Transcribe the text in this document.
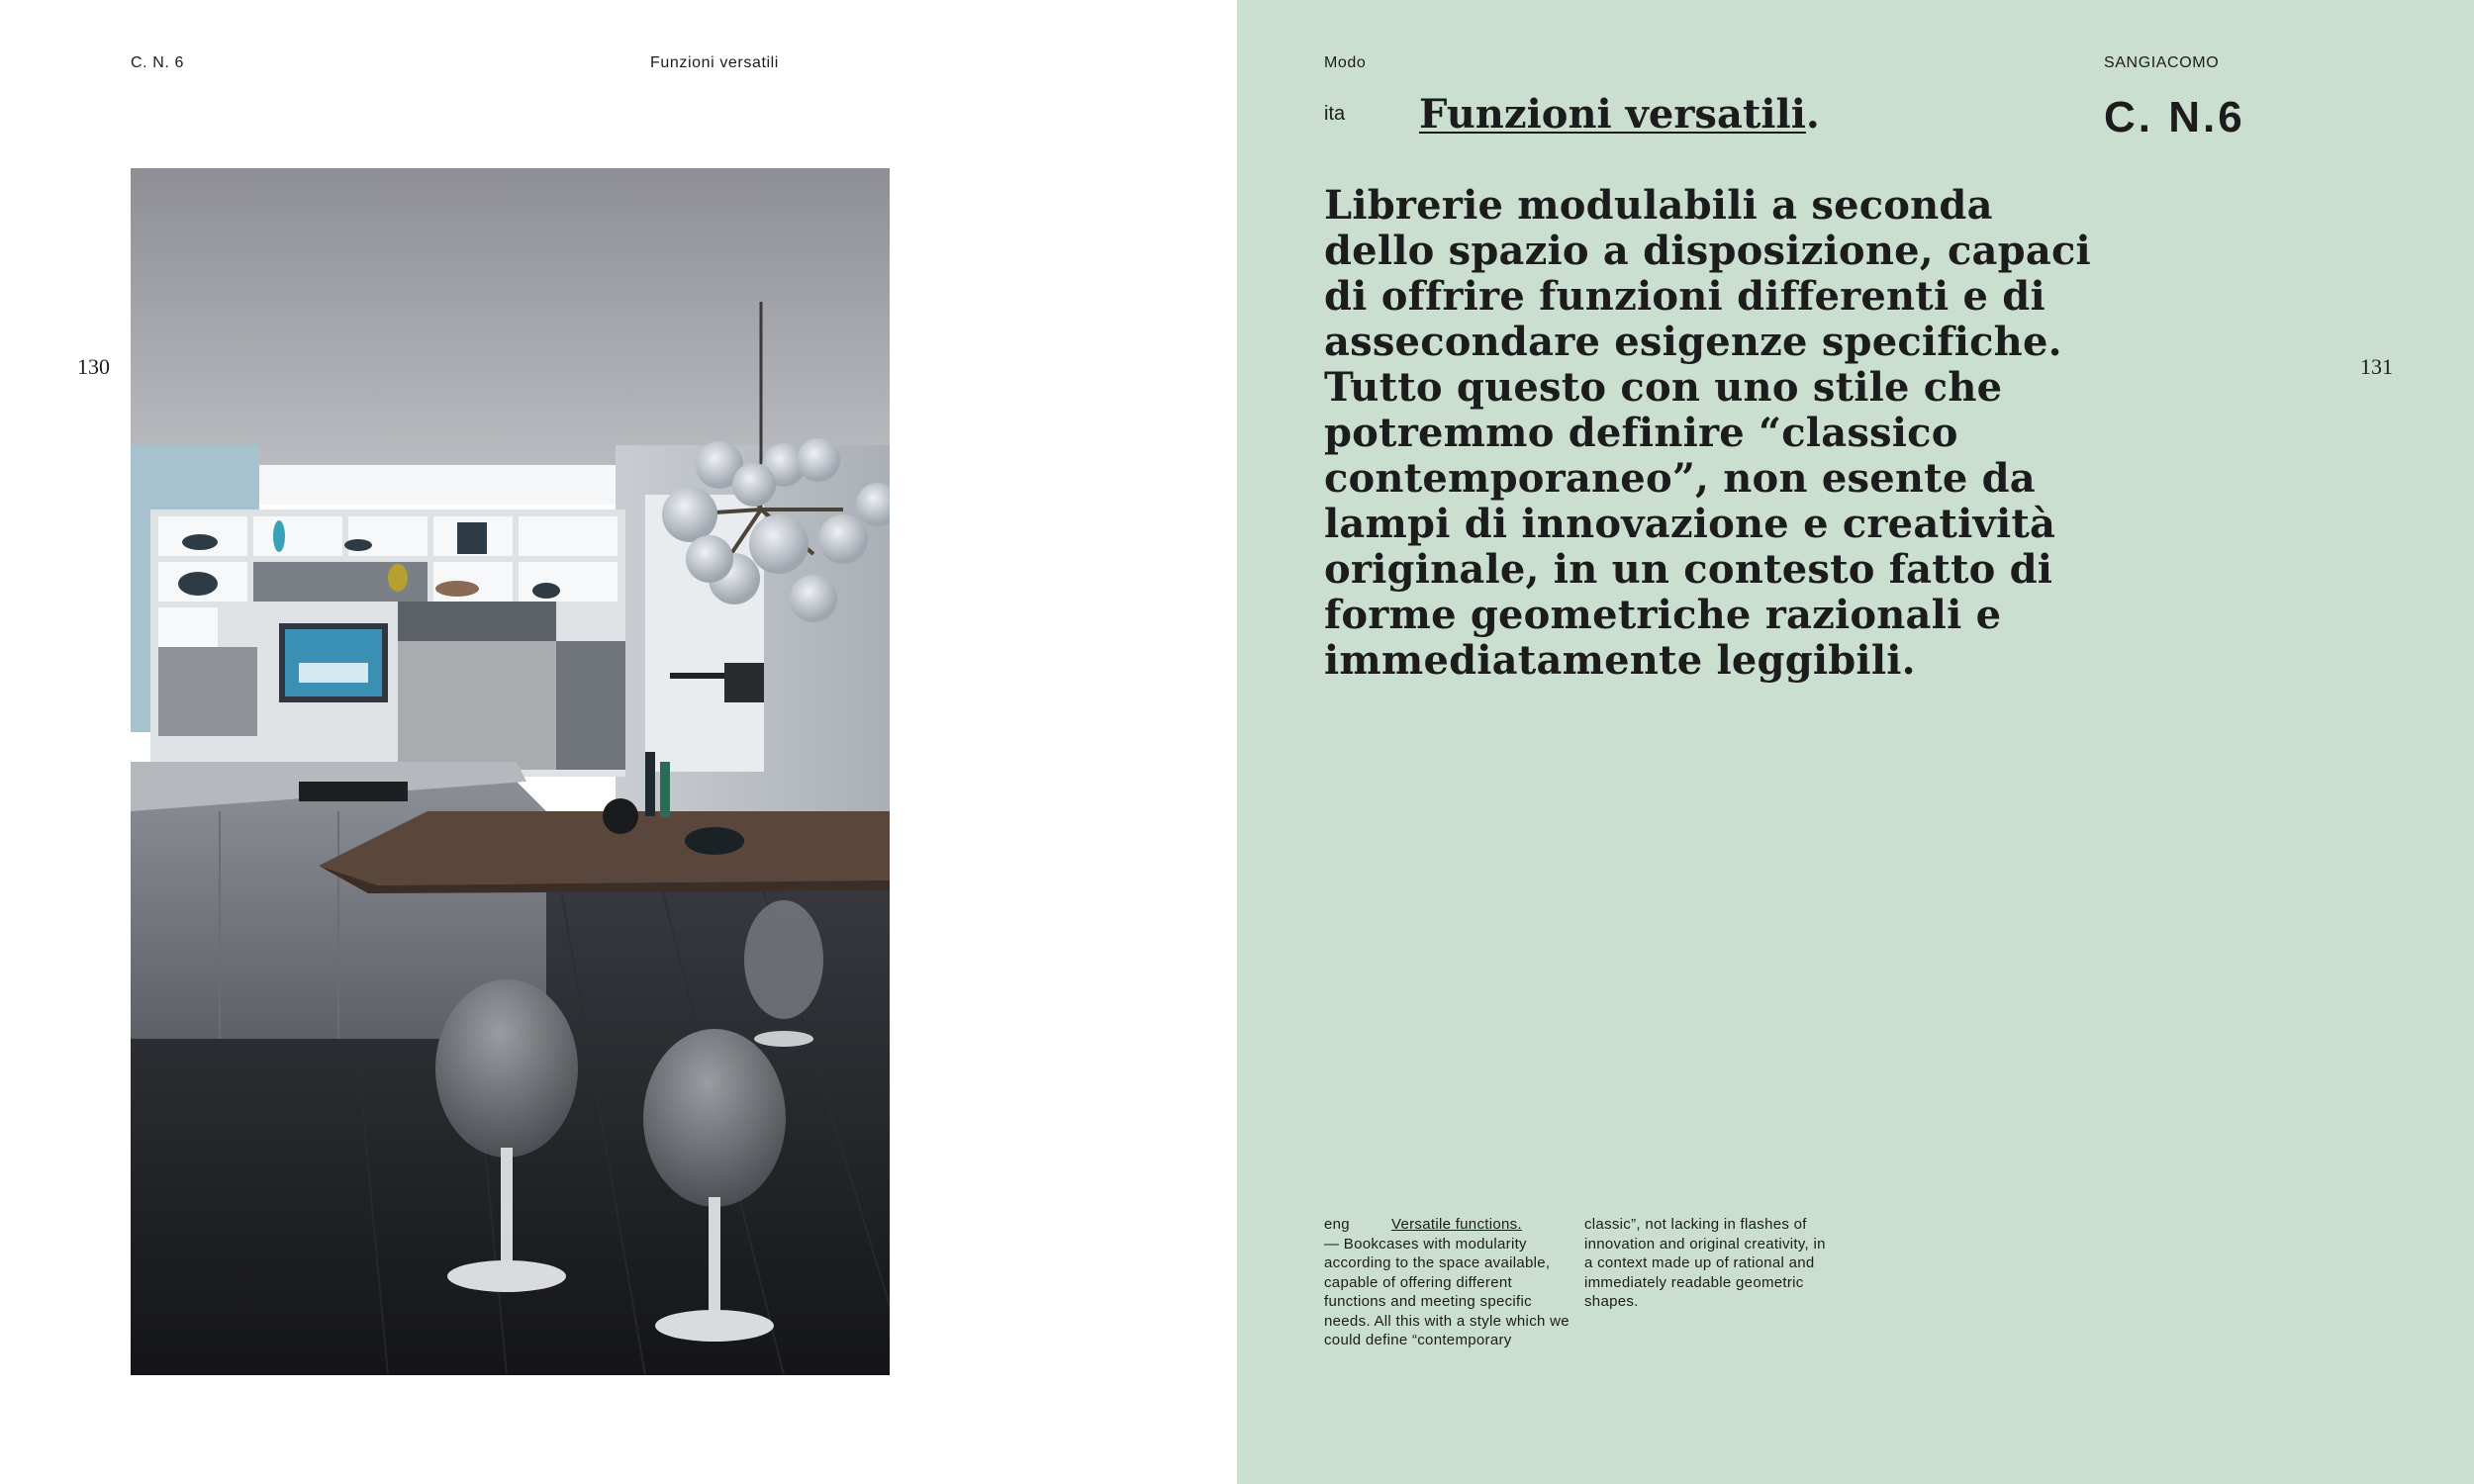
C. N. 6	Funzioni versatili
130
Modo	SANGIACOMO
131
ita Funzioni versatili.	C. N.6

Librerie modulabili a seconda dello spazio a disposizione, capaci di offrire funzioni differenti e di assecondare esigenze specifiche. Tutto questo con uno stile che potremmo definire “classico contemporaneo”, non esente da lampi di innovazione e creatività originale, in un contesto fatto di forme geometriche razionali e immediatamente leggibili.

eng	Versatile functions.
— Bookcases with modularity according to the space available, capable of offering different functions and meeting specific needs. All this with a style which we could define “contemporary
classic”, not lacking in flashes of innovation and original creativity, in a context made up of rational and immediately readable geometric shapes.
